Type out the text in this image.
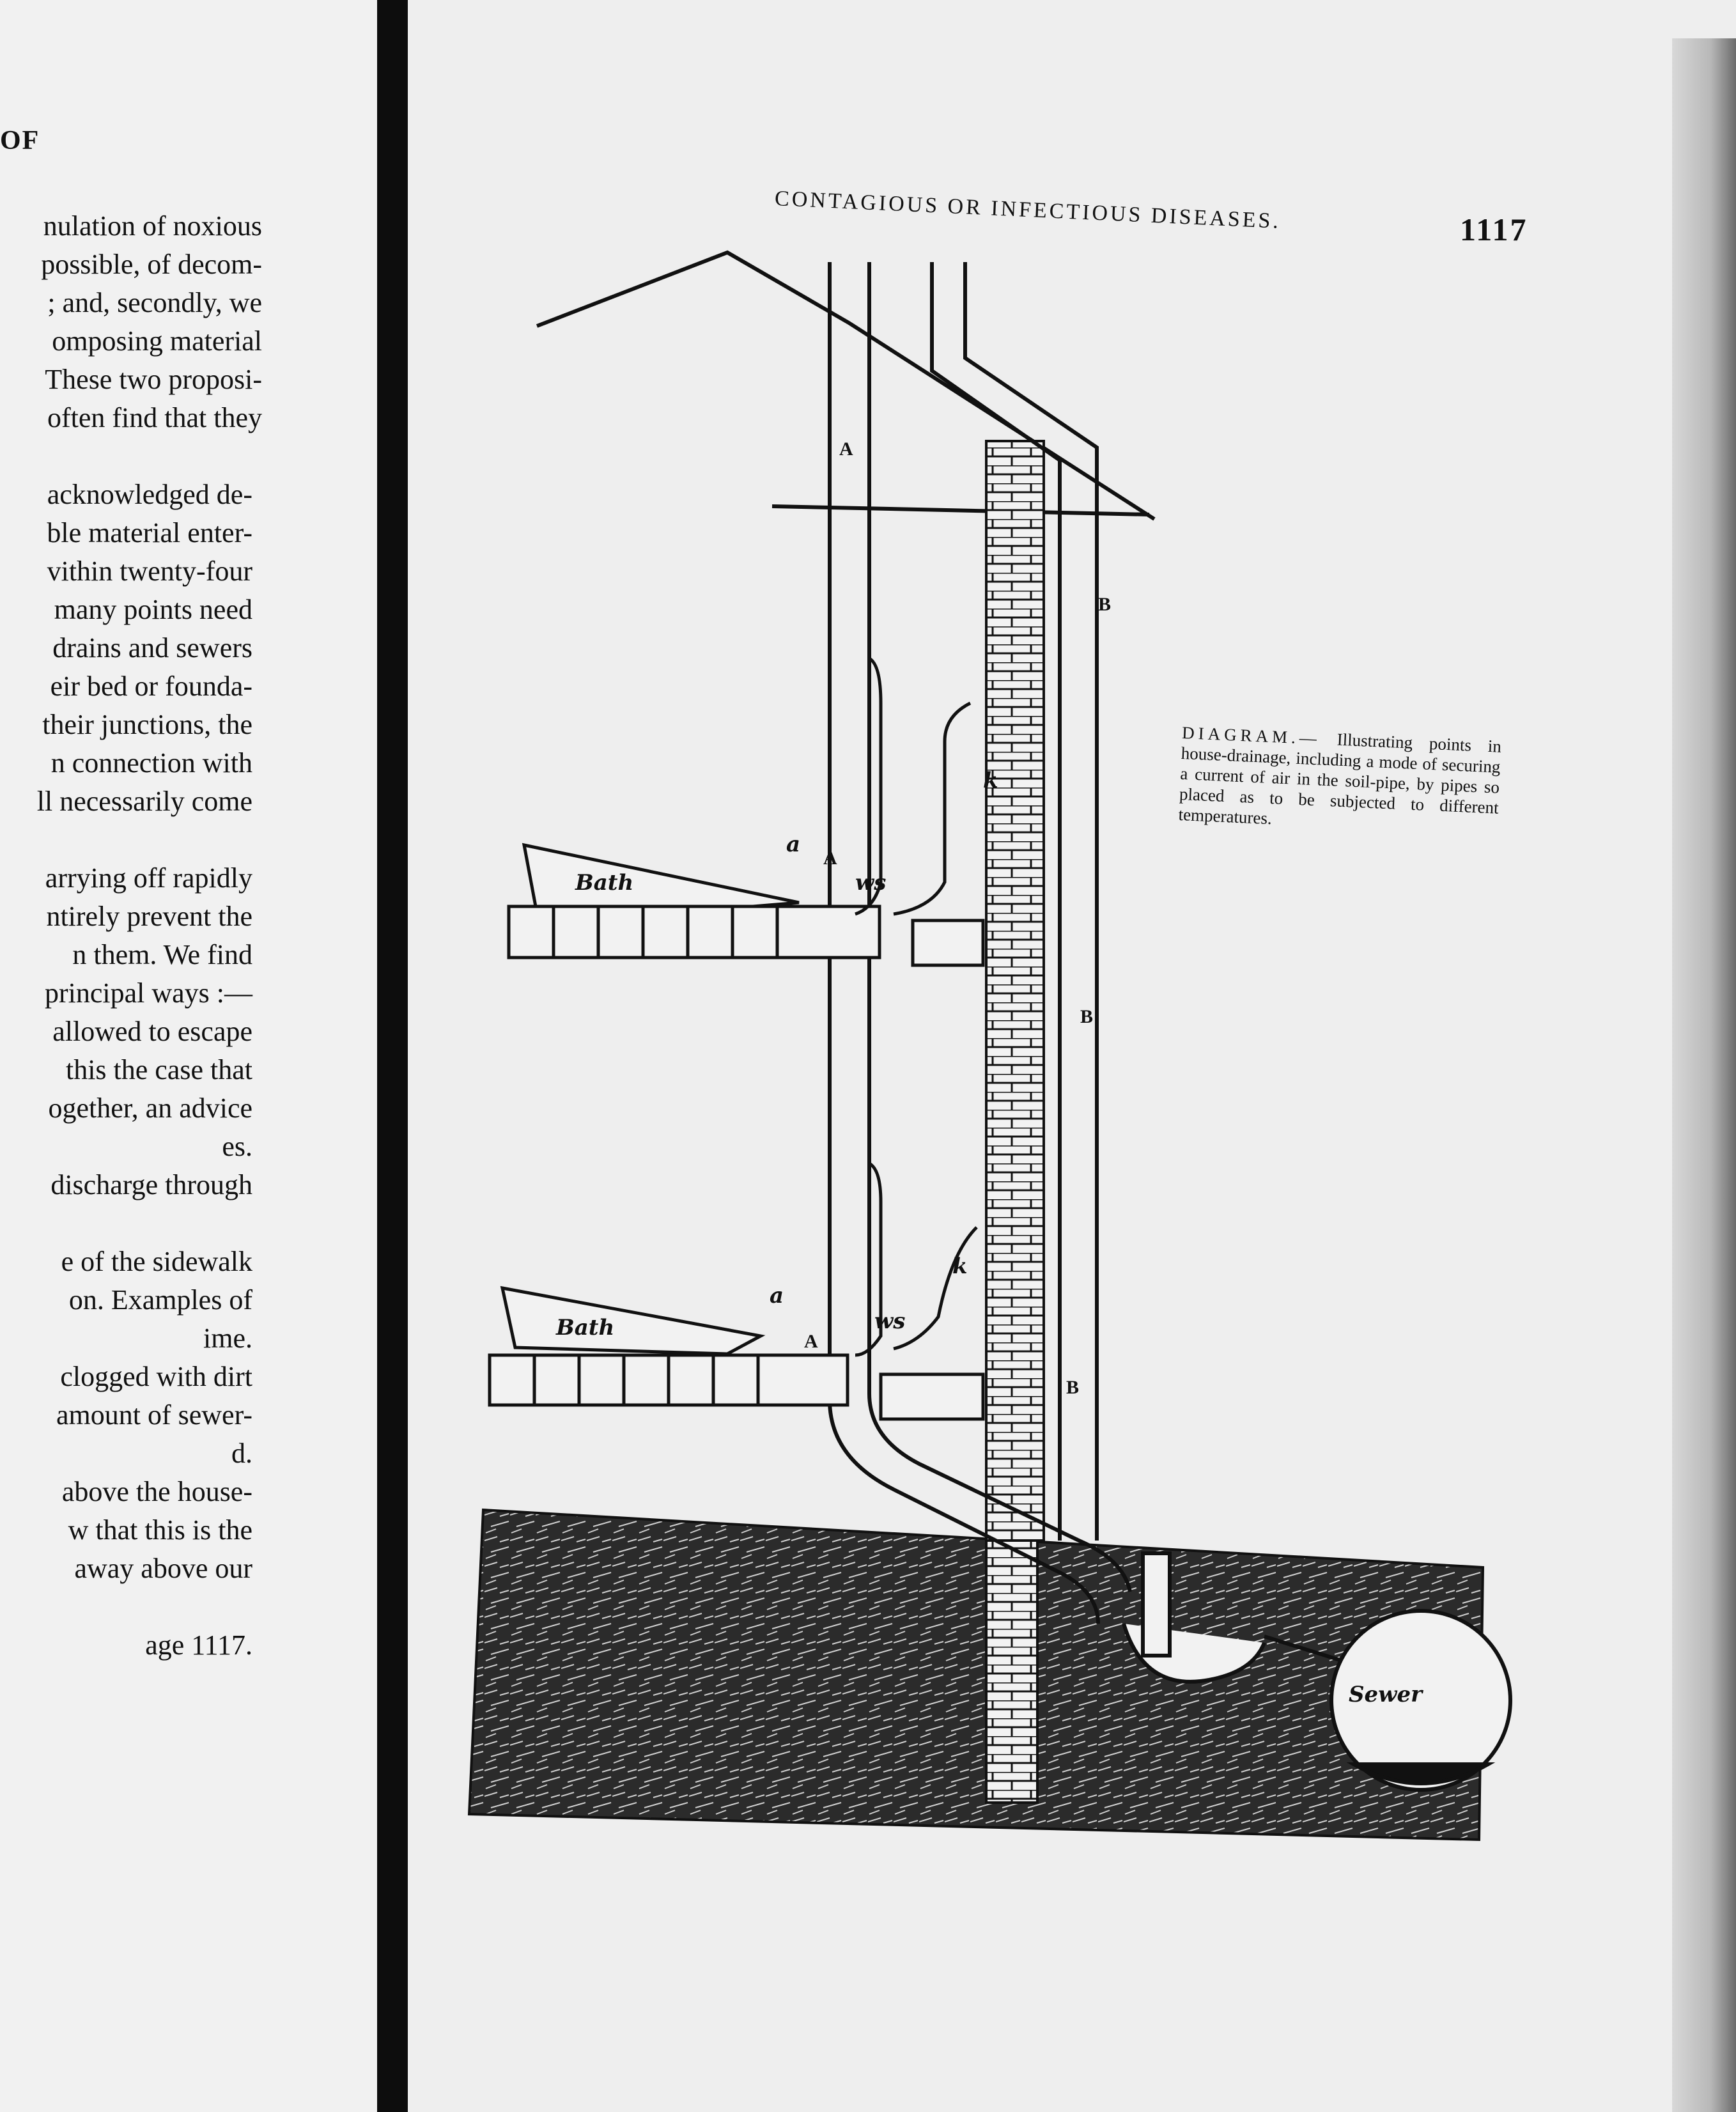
OF
nulation of noxious
possible, of decom-
; and, secondly, we
omposing material
These two proposi-
often find that they
acknowledged de-
ble material enter-
vithin twenty-four
many points need
drains and sewers
eir bed or founda-
their junctions, the
n connection with
ll necessarily come
arrying off rapidly
ntirely prevent the
n them. We find
principal ways :—
allowed to escape
this the case that
ogether, an advice
es.
discharge through
e of the sidewalk
on. Examples of
ime.
clogged with dirt
amount of sewer-
d.
above the house-
w that this is the
away above our
age 1117.
CONTAGIOUS OR INFECTIOUS DISEASES.	1117
A
A
A
B
B
B
Bath
Bath
Sewer
ws
ws
k
k
a
a
DIAGRAM.— Illustrating points in house-drainage, including a mode of securing a current of air in the soil-pipe, by pipes so placed as to be subjected to different temperatures.
